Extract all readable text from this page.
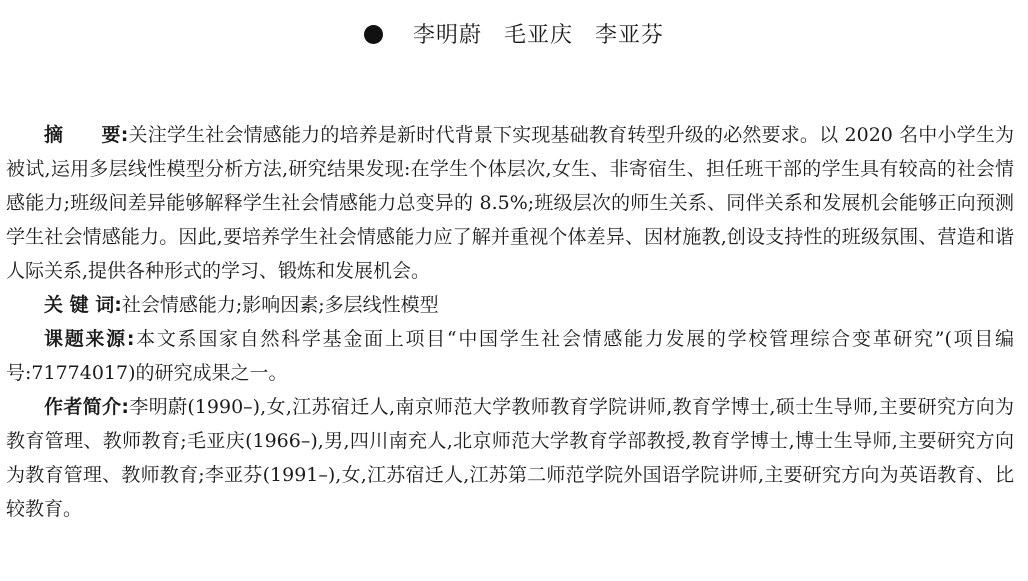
李明蔚 毛亚庆 李亚芬

摘　　要:关注学生社会情感能力的培养是新时代背景下实现基础教育转型升级的必然要求。以 2020 名中小学生为被试,运用多层线性模型分析方法,研究结果发现:在学生个体层次,女生、非寄宿生、担任班干部的学生具有较高的社会情感能力;班级间差异能够解释学生社会情感能力总变异的 8.5%;班级层次的师生关系、同伴关系和发展机会能够正向预测学生社会情感能力。因此,要培养学生社会情感能力应了解并重视个体差异、因材施教,创设支持性的班级氛围、营造和谐人际关系,提供各种形式的学习、锻炼和发展机会。

关 键 词:社会情感能力;影响因素;多层线性模型

课题来源:本文系国家自然科学基金面上项目“中国学生社会情感能力发展的学校管理综合变革研究”(项目编号:71774017)的研究成果之一。

作者简介:李明蔚(1990–),女,江苏宿迁人,南京师范大学教师教育学院讲师,教育学博士,硕士生导师,主要研究方向为教育管理、教师教育;毛亚庆(1966–),男,四川南充人,北京师范大学教育学部教授,教育学博士,博士生导师,主要研究方向为教育管理、教师教育;李亚芬(1991–),女,江苏宿迁人,江苏第二师范学院外国语学院讲师,主要研究方向为英语教育、比较教育。
